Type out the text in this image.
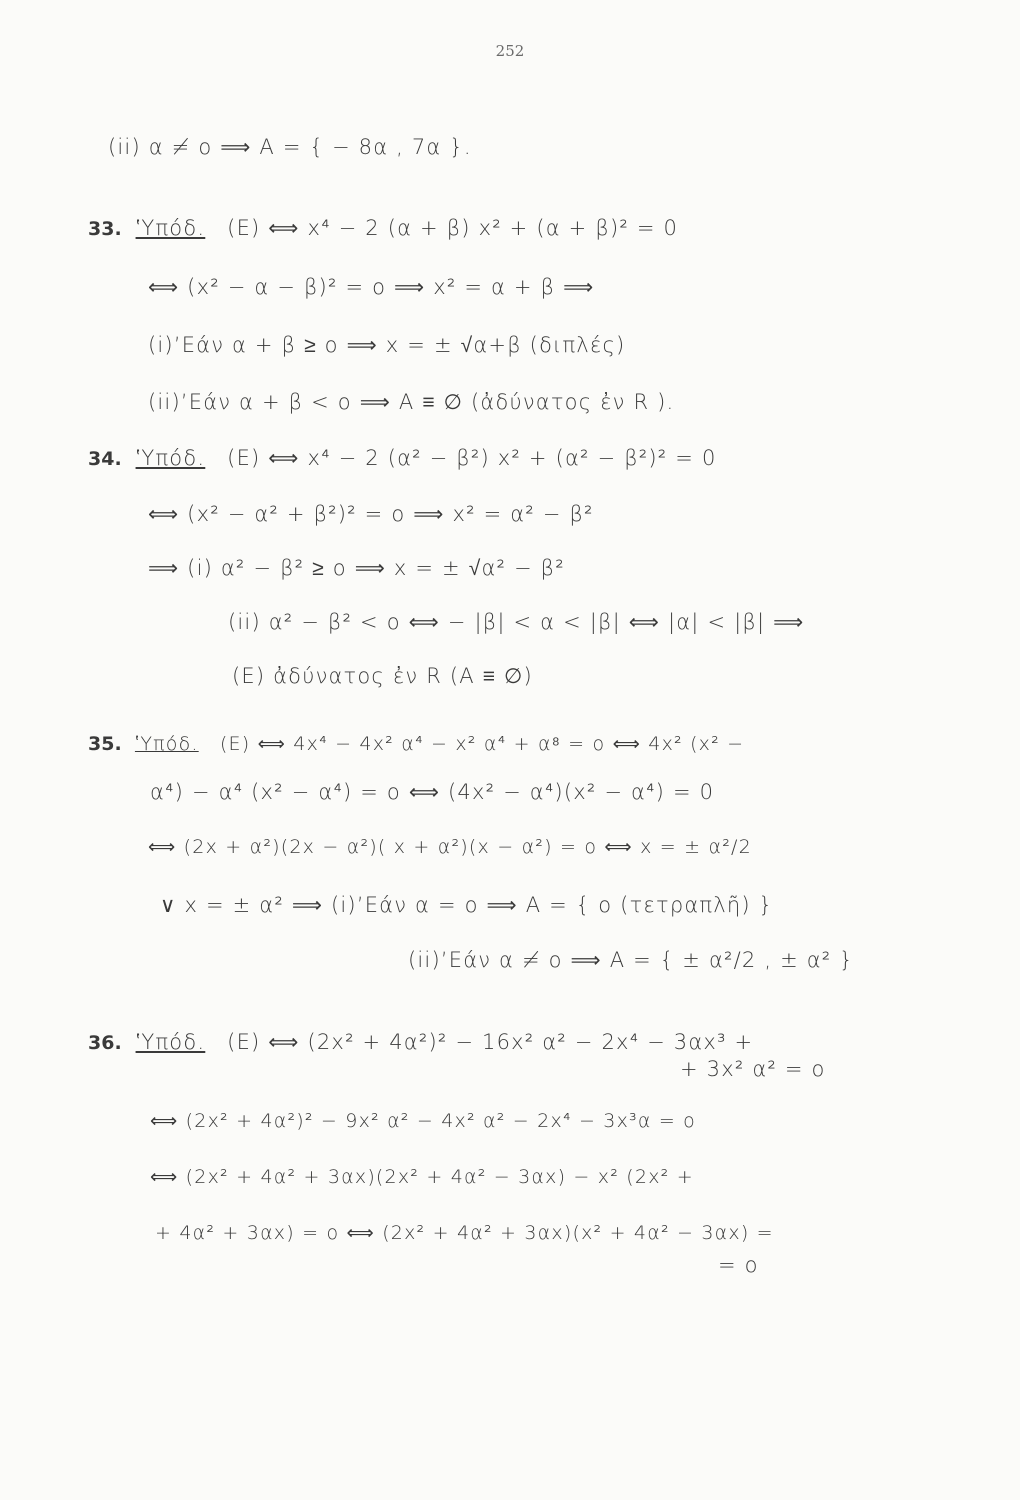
252
(ii) α ≠ ο ⟹ A = { − 8α , 7α }.
33. ʽΥπόδ. (E) ⟺ x⁴ − 2 (α + β) x² + (α + β)² = 0
⟺ (x² − α − β)² = ο ⟹ x² = α + β ⟹
(i)ʼΕάν α + β ≥ ο ⟹ x = ± √α+β (διπλές)
(ii)ʼΕάν α + β < ο ⟹ A ≡ ∅ (ἀδύνατος ἐν R ).
34. ʽΥπόδ. (E) ⟺ x⁴ − 2 (α² − β²) x² + (α² − β²)² = 0
⟺ (x² − α² + β²)² = ο ⟹ x² = α² − β²
⟹ (i) α² − β² ≥ ο ⟹ x = ± √α² − β²
(ii) α² − β² < ο ⟺ − |β| < α < |β| ⟺ |α| < |β| ⟹
(E) ἀδύνατος ἐν R (A ≡ ∅)
35. ʽΥπόδ. (E) ⟺ 4x⁴ − 4x² α⁴ − x² α⁴ + α⁸ = ο ⟺ 4x² (x² −
α⁴) − α⁴ (x² − α⁴) = ο ⟺ (4x² − α⁴)(x² − α⁴) = 0
⟺ (2x + α²)(2x − α²)( x + α²)(x − α²) = ο ⟺ x = ± α²/2
∨ x = ± α² ⟹ (i)ʼΕάν α = ο ⟹ A = { ο (τετραπλῆ) }
(ii)ʼΕάν α ≠ ο ⟹ A = { ± α²/2 , ± α² }
36. ʽΥπόδ. (E) ⟺ (2x² + 4α²)² − 16x² α² − 2x⁴ − 3αx³ +
+ 3x² α² = ο
⟺ (2x² + 4α²)² − 9x² α² − 4x² α² − 2x⁴ − 3x³α = ο
⟺ (2x² + 4α² + 3αx)(2x² + 4α² − 3αx) − x² (2x² +
+ 4α² + 3αx) = ο ⟺ (2x² + 4α² + 3αx)(x² + 4α² − 3αx) =
= ο
